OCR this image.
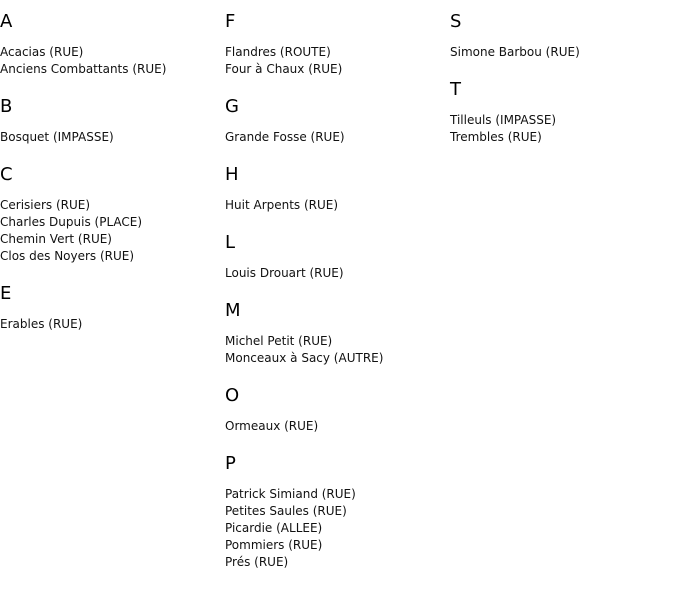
A
Acacias (RUE)
Anciens Combattants (RUE)
B
Bosquet (IMPASSE)
C
Cerisiers (RUE)
Charles Dupuis (PLACE)
Chemin Vert (RUE)
Clos des Noyers (RUE)
E
Erables (RUE)
F
Flandres (ROUTE)
Four à Chaux (RUE)
G
Grande Fosse (RUE)
H
Huit Arpents (RUE)
L
Louis Drouart (RUE)
M
Michel Petit (RUE)
Monceaux à Sacy (AUTRE)
O
Ormeaux (RUE)
P
Patrick Simiand (RUE)
Petites Saules (RUE)
Picardie (ALLEE)
Pommiers (RUE)
Prés (RUE)
S
Simone Barbou (RUE)
T
Tilleuls (IMPASSE)
Trembles (RUE)
